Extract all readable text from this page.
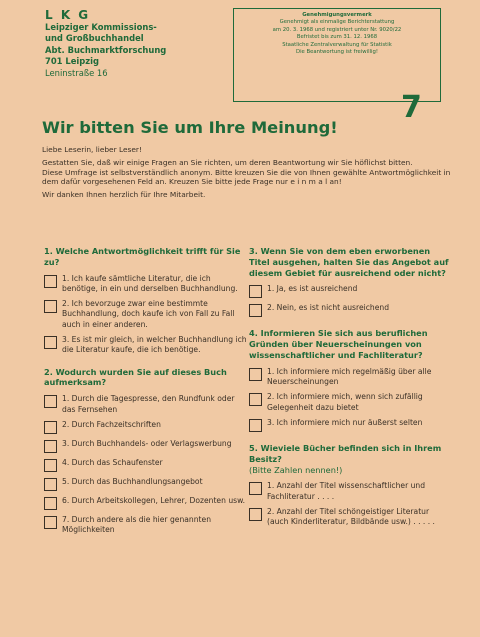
L K G
Leipziger Kommissions-
und Großbuchhandel
Abt. Buchmarktforschung
701 Leipzig
Leninstraße 16
Genehmigungsvermerk
Genehmigt als einmalige Berichterstattung
am 20. 3. 1968 und registriert unter Nr. 9020/22
Befristet bis zum 31. 12. 1968
Staatliche Zentralverwaltung für Statistik
Die Beantwortung ist freiwillig!
7
Wir bitten Sie um Ihre Meinung!

Liebe Leserin, lieber Leser!

Gestatten Sie, daß wir einige Fragen an Sie richten, um deren Beantwortung wir Sie höflichst bitten.

Diese Umfrage ist selbstverständlich anonym. Bitte kreuzen Sie die von Ihnen gewählte Antwortmöglichkeit in dem dafür vorgesehenen Feld an. Kreuzen Sie bitte jede Frage nur e i n m a l an!

Wir danken Ihnen herzlich für Ihre Mitarbeit.

1. Welche Antwortmöglichkeit trifft für Sie zu?
1. Ich kaufe sämtliche Literatur, die ich benötige, in ein und derselben Buchhandlung.
2. Ich bevorzuge zwar eine bestimmte Buchhandlung, doch kaufe ich von Fall zu Fall auch in einer anderen.
3. Es ist mir gleich, in welcher Buchhandlung ich die Literatur kaufe, die ich benötige.
2. Wodurch wurden Sie auf dieses Buch aufmerksam?
1. Durch die Tagespresse, den Rundfunk oder das Fernsehen
2. Durch Fachzeitschriften
3. Durch Buchhandels- oder Verlagswerbung
4. Durch das Schaufenster
5. Durch das Buchhandlungsangebot
6. Durch Arbeitskollegen, Lehrer, Dozenten usw.
7. Durch andere als die hier genannten Möglichkeiten
3. Wenn Sie von dem eben erworbenen Titel ausgehen, halten Sie das Angebot auf diesem Gebiet für ausreichend oder nicht?
1. Ja, es ist ausreichend
2. Nein, es ist nicht ausreichend
4. Informieren Sie sich aus beruflichen Gründen über Neuerscheinungen von wissenschaftlicher und Fachliteratur?
1. Ich informiere mich regelmäßig über alle Neuerscheinungen
2. Ich informiere mich, wenn sich zufällig Gelegenheit dazu bietet
3. Ich informiere mich nur äußerst selten
5. Wieviele Bücher befinden sich in Ihrem Besitz?
(Bitte Zahlen nennen!)
1. Anzahl der Titel wissenschaftlicher und Fachliteratur . . . .
2. Anzahl der Titel schöngeistiger Literatur (auch Kinderliteratur, Bildbände usw.) . . . . .
